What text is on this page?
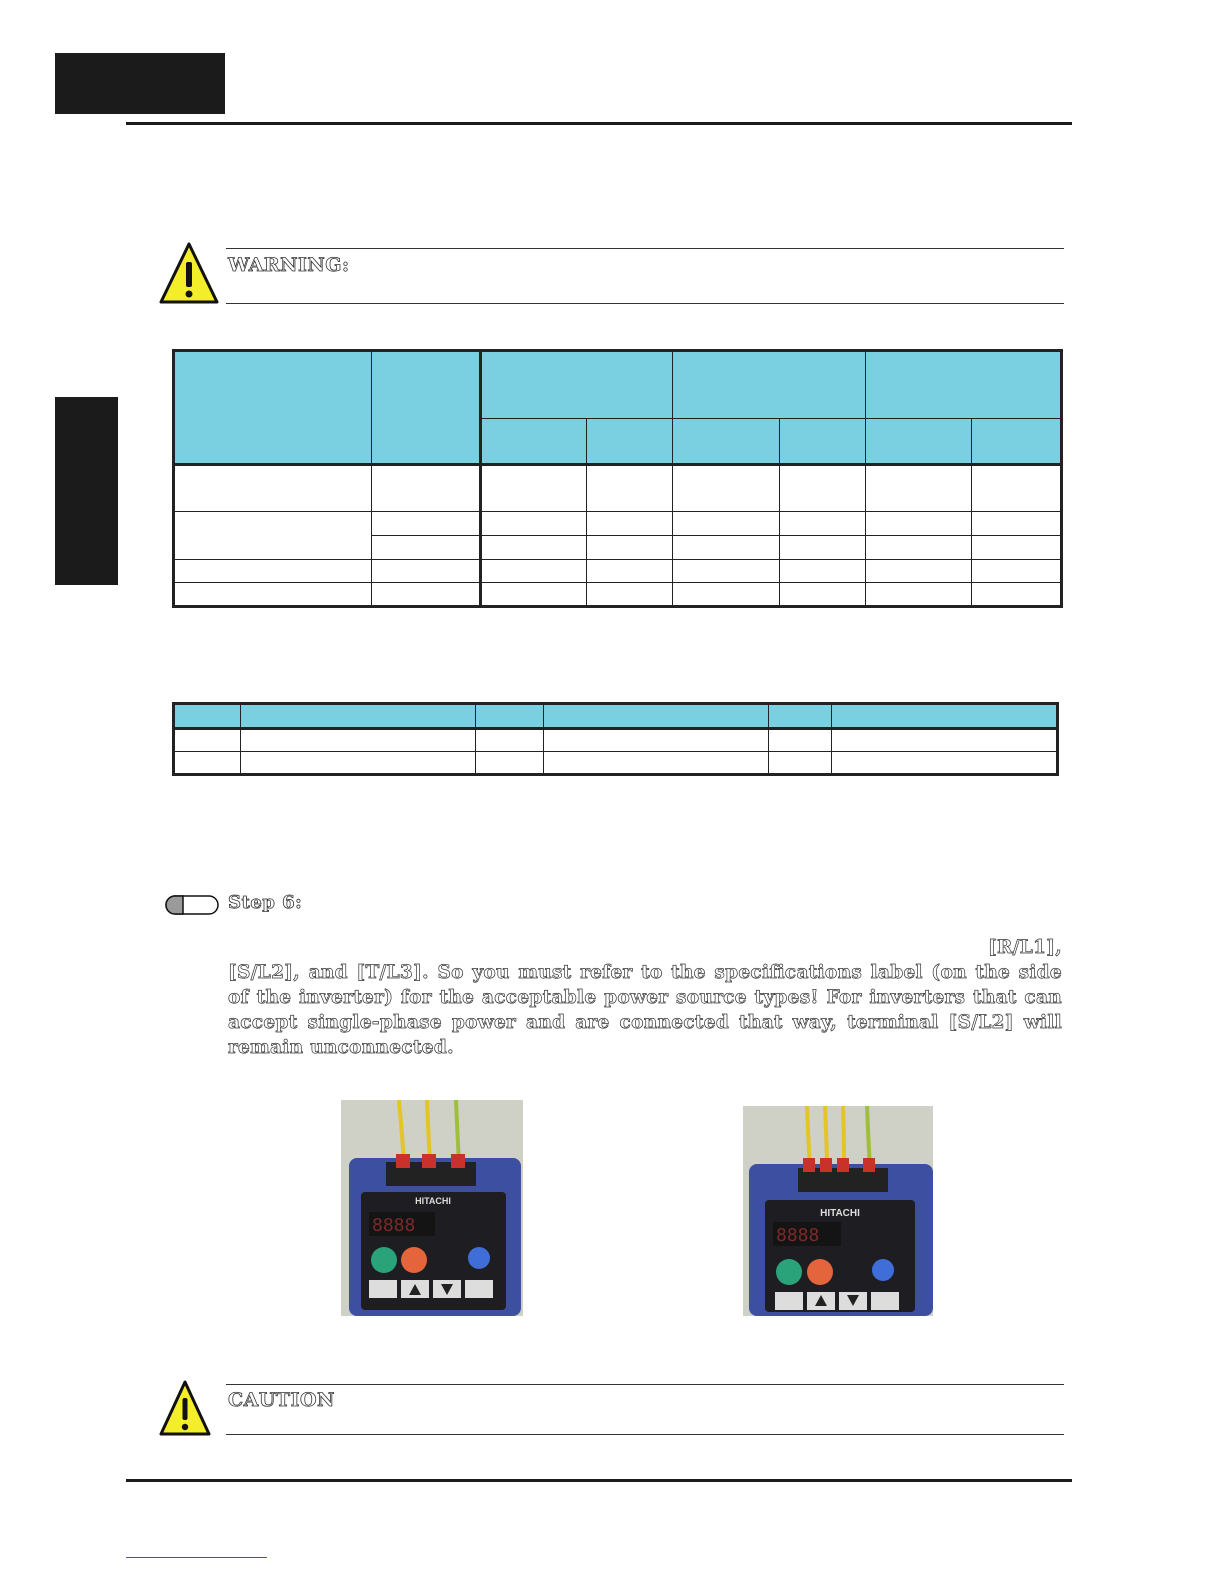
WARNING:

Step 6:
[R/L1],
[S/L2], and [T/L3]. So you must refer to the specifications label (on the side of the inverter) for the acceptable power source types! For inverters that can accept single-phase power and are connected that way, terminal [S/L2] will remain unconnected.
HITACHI
8888
HITACHI
8888
CAUTION
